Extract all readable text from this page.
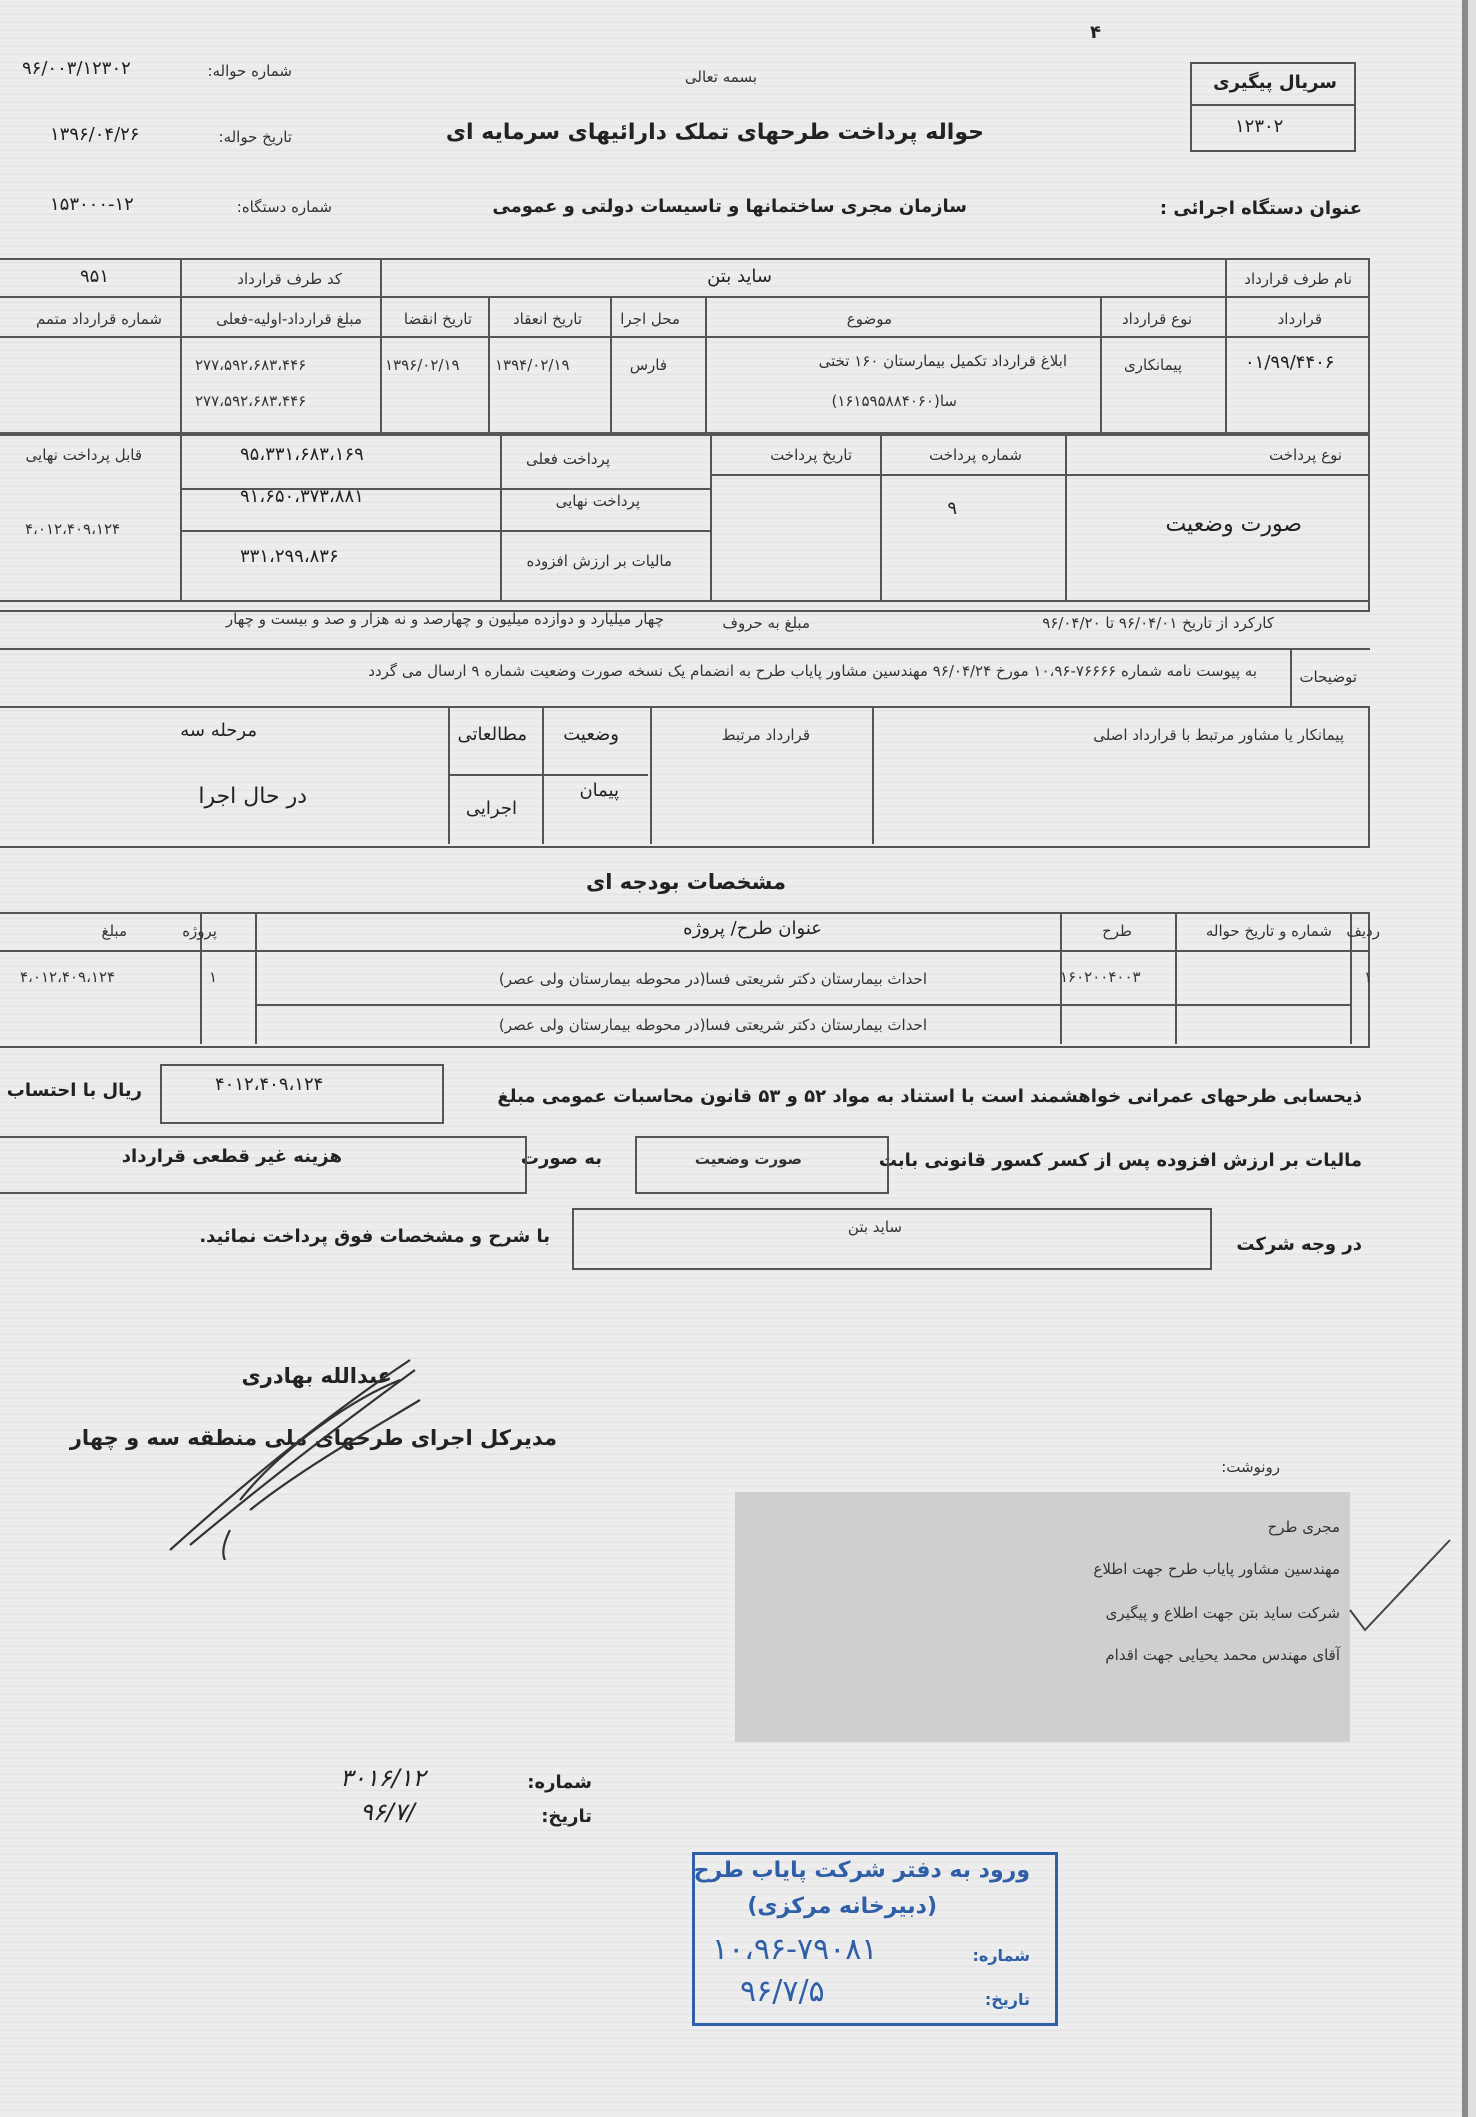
۴
شماره حواله:
۹۶/۰۰۳/۱۲۳۰۲
تاریخ حواله:
۱۳۹۶/۰۴/۲۶
شماره دستگاه:
۱۵۳۰۰۰-۱۲
بسمه تعالی
حواله پرداخت طرحهای تملک دارائیهای سرمایه ای
سازمان مجری ساختمانها و تاسیسات دولتی و عمومی	عنوان دستگاه اجرائی :
سریال پیگیری
۱۲۳۰۲
نام طرف قرارداد
ساید بتن
کد طرف قرارداد
۹۵۱
قرارداد
نوع قرارداد
موضوع
محل اجرا
تاریخ انعقاد
تاریخ انقضا
مبلغ قرارداد-اولیه-فعلی
شماره قرارداد متمم
۰۱/۹۹/۴۴۰۶
پیمانکاری
ابلاغ قرارداد تکمیل بیمارستان ۱۶۰ تختی
سا(۱۶۱۵۹۵۸۸۴۰۶۰)
فارس
۱۳۹۴/۰۲/۱۹
۱۳۹۶/۰۲/۱۹
۲۷۷،۵۹۲،۶۸۳،۴۴۶
۲۷۷،۵۹۲،۶۸۳،۴۴۶
نوع پرداخت
صورت وضعیت
شماره پرداخت
۹
تاریخ پرداخت
پرداخت فعلی
۹۵،۳۳۱،۶۸۳،۱۶۹
پرداخت نهایی
۹۱،۶۵۰،۳۷۳،۸۸۱
مالیات بر ارزش افزوده
۳۳۱،۲۹۹،۸۳۶
قابل پرداخت نهایی
۴،۰۱۲،۴۰۹،۱۲۴
کارکرد از تاریخ ۹۶/۰۴/۰۱ تا ۹۶/۰۴/۲۰
مبلغ به حروف
چهار میلیارد و دوازده میلیون و چهارصد و نه هزار و صد و بیست و چهار
توضیحات
به پیوست نامه شماره ۷۶۶۶۶-۱۰،۹۶ مورخ ۹۶/۰۴/۲۴ مهندسین مشاور پایاب طرح به انضمام یک نسخه صورت وضعیت شماره ۹ ارسال می گردد
پیمانکار یا مشاور مرتبط با قرارداد اصلی
قرارداد مرتبط
وضعیت
پیمان
مطالعاتی
اجرایی
مرحله سه
در حال اجرا
مشخصات بودجه ای
ردیف
شماره و تاریخ حواله
طرح
عنوان طرح/ پروژه
پروژه
مبلغ
۱
۱۶۰۲۰۰۴۰۰۳
احداث بیمارستان دکتر شریعتی فسا(در محوطه بیمارستان ولی عصر)
احداث بیمارستان دکتر شریعتی فسا(در محوطه بیمارستان ولی عصر)
۱
۴،۰۱۲،۴۰۹،۱۲۴
ذیحسابی طرحهای عمرانی خواهشمند است با استناد به مواد ۵۲ و ۵۳ قانون محاسبات عمومی مبلغ
۴۰۱۲،۴۰۹،۱۲۴
ریال با احتساب
مالیات بر ارزش افزوده پس از کسر کسور قانونی بابت
صورت وضعیت
به صورت
هزینه غیر قطعی قرارداد
در وجه شرکت
ساید بتن
با شرح و مشخصات فوق پرداخت نمائید.
عبدالله بهادری
مدیرکل اجرای طرحهای ملی منطقه سه و چهار
رونوشت:
مجری طرح
مهندسین مشاور پایاب طرح جهت اطلاع
شرکت ساید بتن جهت اطلاع و پیگیری
آقای مهندس محمد یحیایی جهت اقدام
شماره:
۳۰۱۶/۱۲
تاریخ:
۹۶/۷/
ورود به دفتر شرکت پایاب طرح
(دبیرخانه مرکزی)
شماره:
۱۰،۹۶-۷۹۰۸۱
تاریخ:
۹۶/۷/۵
